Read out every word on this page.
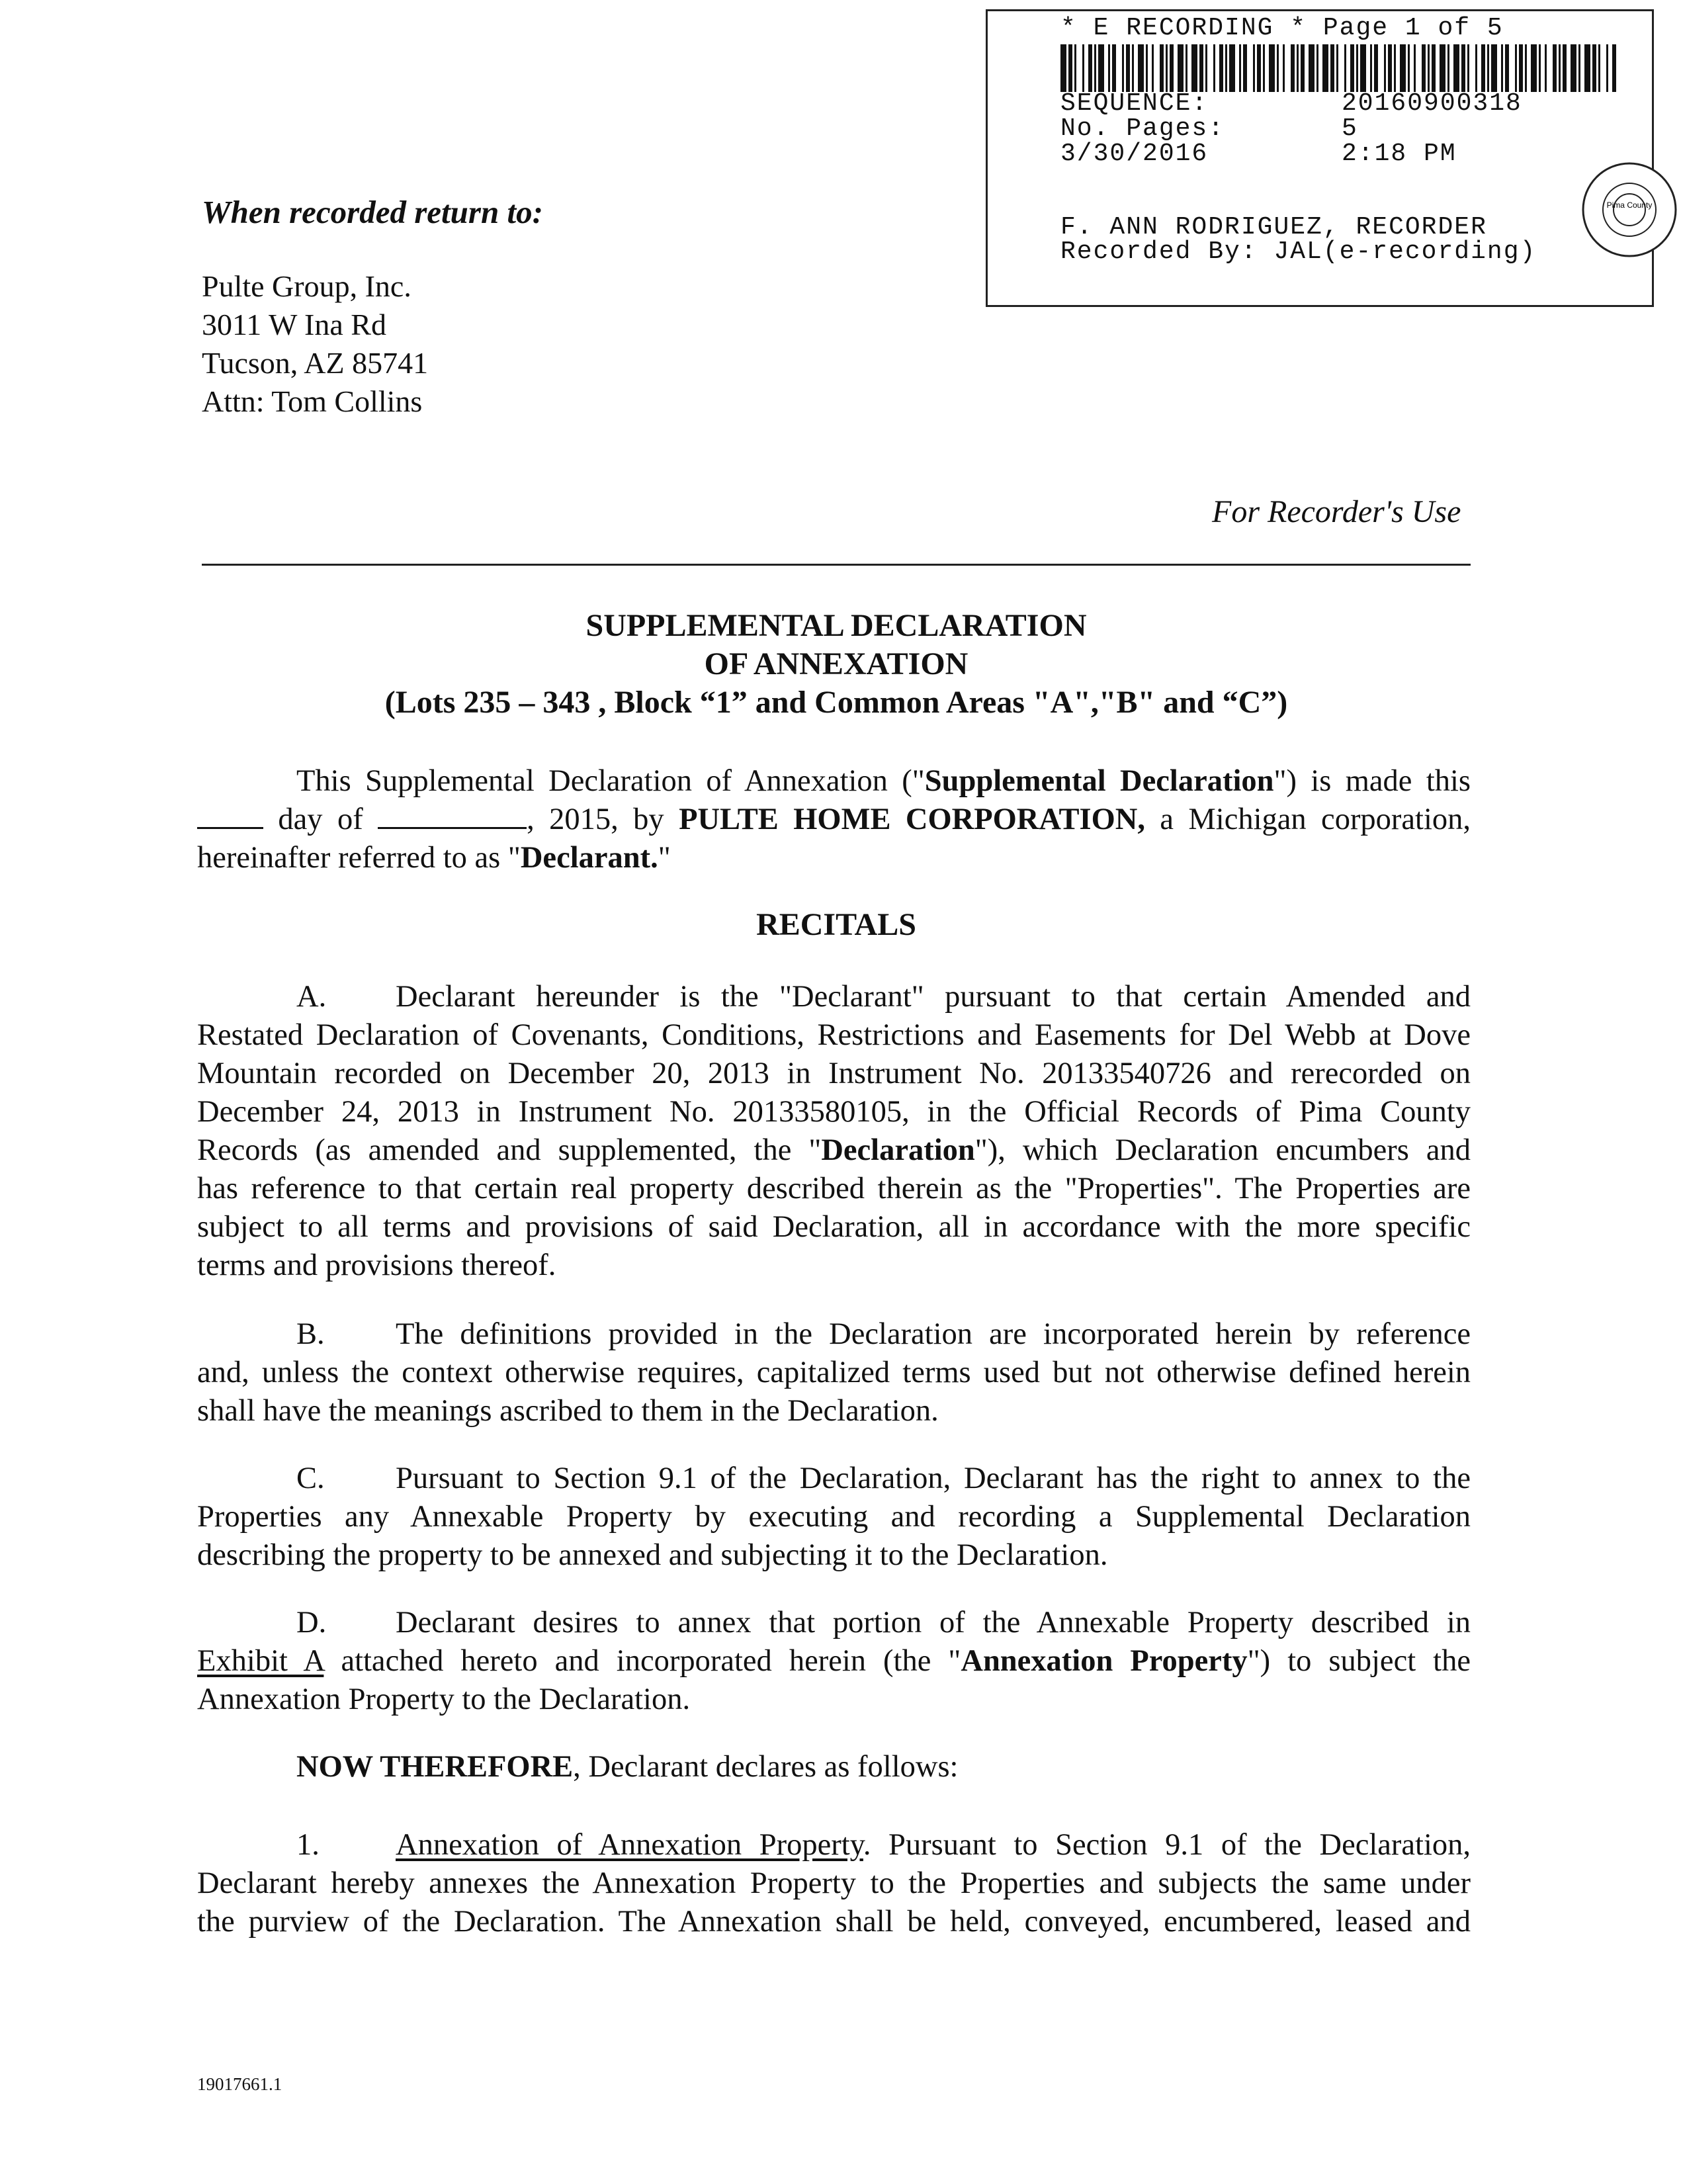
* E RECORDING * Page 1 of 5
SEQUENCE:	20160900318
No. Pages:	5
3/30/2016	2:18 PM
F. ANN RODRIGUEZ, RECORDER
Recorded By: JAL(e-recording)
Pima County
When recorded return to:
Pulte Group, Inc.
3011 W Ina Rd
Tucson, AZ 85741
Attn: Tom Collins
For Recorder's Use
SUPPLEMENTAL DECLARATION
OF ANNEXATION
(Lots 235 – 343 , Block “1” and Common Areas "A","B" and “C”)
This Supplemental Declaration of Annexation ("Supplemental Declaration") is made this
day of	, 2015, by PULTE HOME CORPORATION, a Michigan corporation,
hereinafter referred to as "Declarant."
RECITALS
A. Declarant hereunder is the "Declarant" pursuant to that certain Amended and
Restated Declaration of Covenants, Conditions, Restrictions and Easements for Del Webb at Dove
Mountain recorded on December 20, 2013 in Instrument No. 20133540726 and rerecorded on
December 24, 2013 in Instrument No. 20133580105, in the Official Records of Pima County
Records (as amended and supplemented, the "Declaration"), which Declaration encumbers and
has reference to that certain real property described therein as the "Properties". The Properties are
subject to all terms and provisions of said Declaration, all in accordance with the more specific
terms and provisions thereof.
B. The definitions provided in the Declaration are incorporated herein by reference
and, unless the context otherwise requires, capitalized terms used but not otherwise defined herein
shall have the meanings ascribed to them in the Declaration.
C. Pursuant to Section 9.1 of the Declaration, Declarant has the right to annex to the
Properties any Annexable Property by executing and recording a Supplemental Declaration
describing the property to be annexed and subjecting it to the Declaration.
D. Declarant desires to annex that portion of the Annexable Property described in
Exhibit A attached hereto and incorporated herein (the "Annexation Property") to subject the
Annexation Property to the Declaration.
NOW THEREFORE, Declarant declares as follows:
1. Annexation of Annexation Property. Pursuant to Section 9.1 of the Declaration,
Declarant hereby annexes the Annexation Property to the Properties and subjects the same under
the purview of the Declaration. The Annexation shall be held, conveyed, encumbered, leased and
19017661.1
